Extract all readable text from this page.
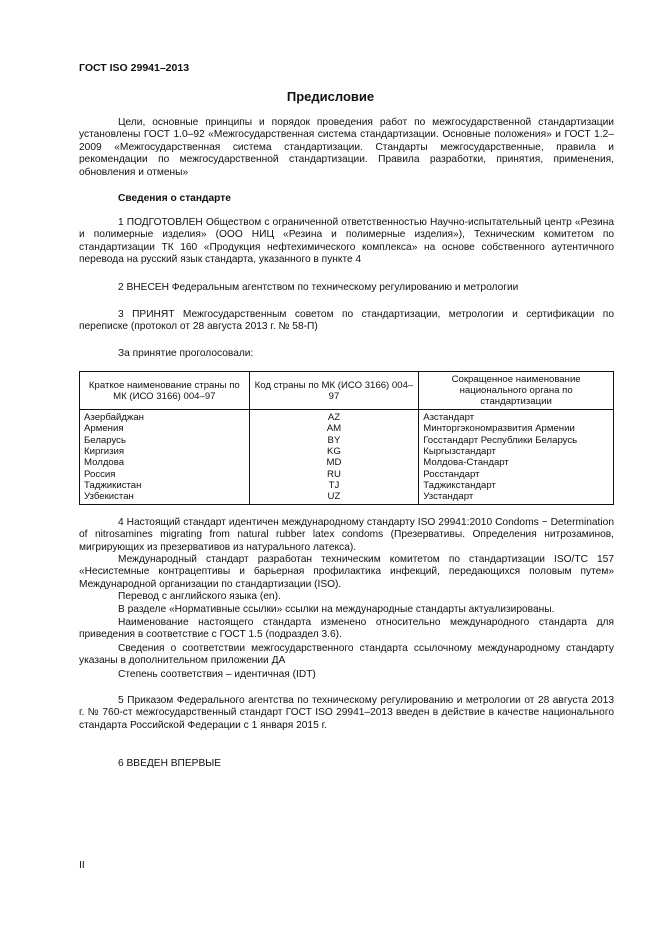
ГОСТ ISO 29941–2013
Предисловие

Цели, основные принципы и порядок проведения работ по межгосударственной стандартизации установлены ГОСТ 1.0–92 «Межгосударственная система стандартизации. Основные положения» и ГОСТ 1.2–2009 «Межгосударственная система стандартизации. Стандарты межгосударственные, правила и рекомендации по межгосударственной стандартизации. Правила разработки, принятия, применения, обновления и отмены»

Сведения о стандарте

1 ПОДГОТОВЛЕН Обществом с ограниченной ответственностью Научно-испытательный центр «Резина и полимерные изделия» (ООО НИЦ «Резина и полимерные изделия»), Техническим комитетом по стандартизации ТК 160 «Продукция нефтехимического комплекса» на основе собственного аутентичного перевода на русский язык стандарта, указанного в пункте 4

2 ВНЕСЕН Федеральным агентством по техническому регулированию и метрологии

3 ПРИНЯТ Межгосударственным советом по стандартизации, метрологии и сертификации по переписке (протокол от 28 августа 2013 г. № 58-П)

За принятие проголосовали:

Краткое наименование страны по МК (ИСО 3166) 004–97	Код страны по МК (ИСО 3166) 004–97	Сокращенное наименование национального органа по стандартизации
Азербайджан	AZ	Азстандарт
Армения	AM	Минторгэкономразвития Армении
Беларусь	BY	Госстандарт Республики Беларусь
Киргизия	KG	Кыргызстандарт
Молдова	MD	Молдова-Стандарт
Россия	RU	Росстандарт
Таджикистан	TJ	Таджикстандарт
Узбекистан	UZ	Узстандарт

4 Настоящий стандарт идентичен международному стандарту ISO 29941:2010 Condoms − Determination of nitrosamines migrating from natural rubber latex condoms (Презервативы. Определения нитрозаминов, мигрирующих из презервативов из натурального латекса).

Международный стандарт разработан техническим комитетом по стандартизации ISO/TC 157 «Несистемные контрацептивы и барьерная профилактика инфекций, передающихся половым путем» Международной организации по стандартизации (ISO).

Перевод с английского языка (en).

В разделе «Нормативные ссылки» ссылки на международные стандарты актуализированы.

Наименование настоящего стандарта изменено относительно международного стандарта для приведения в соответствие с ГОСТ 1.5 (подраздел 3.6).

Сведения о соответствии межгосударственного стандарта ссылочному международному стандарту указаны в дополнительном приложении ДА

Степень соответствия – идентичная (IDT)

5 Приказом Федерального агентства по техническому регулированию и метрологии от 28 августа 2013 г. № 760-ст межгосударственный стандарт ГОСТ ISO 29941–2013 введен в действие в качестве национального стандарта Российской Федерации с 1 января 2015 г.

6 ВВЕДЕН ВПЕРВЫЕ

II
